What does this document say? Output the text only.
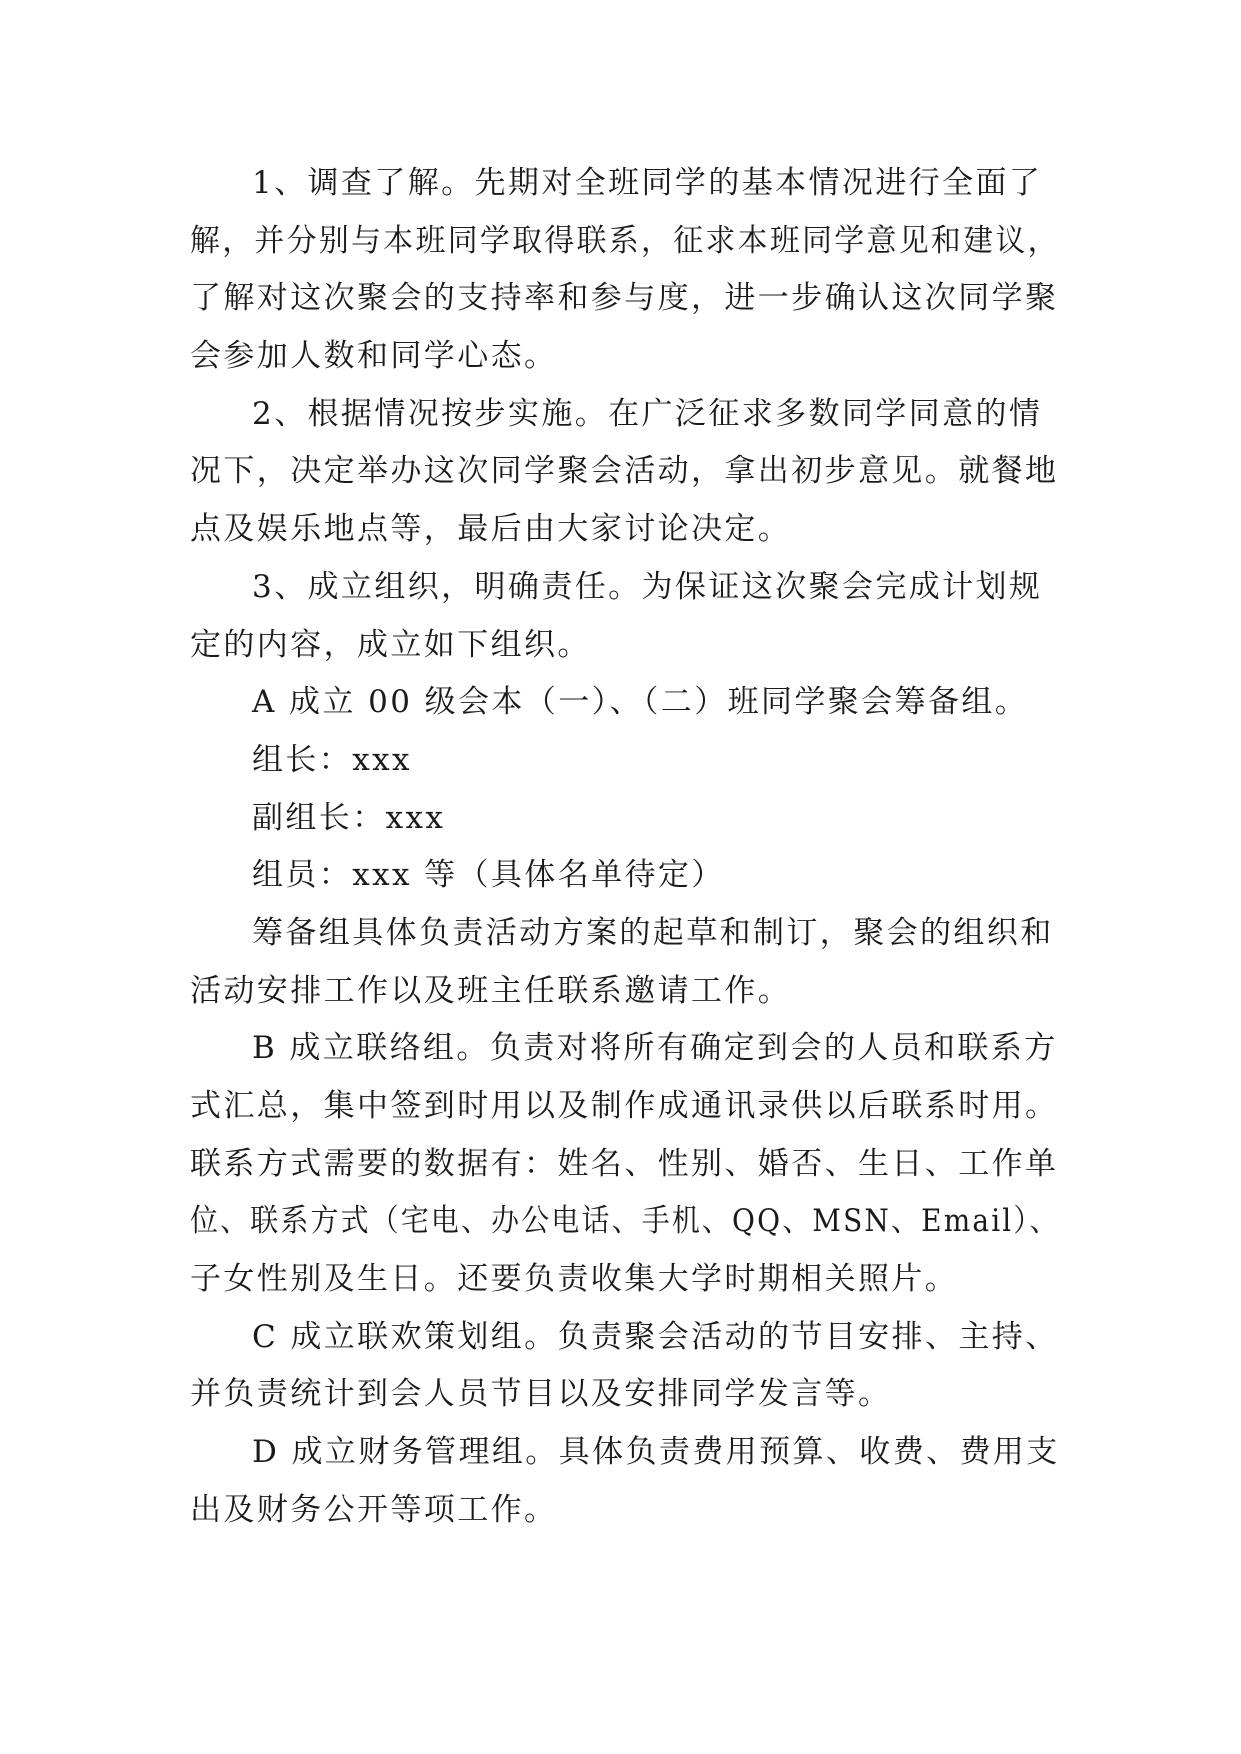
1、调查了解。先期对全班同学的基本情况进行全面了
解，并分别与本班同学取得联系，征求本班同学意见和建议，
了解对这次聚会的支持率和参与度，进一步确认这次同学聚
会参加人数和同学心态。
2、根据情况按步实施。在广泛征求多数同学同意的情
况下，决定举办这次同学聚会活动，拿出初步意见。就餐地
点及娱乐地点等，最后由大家讨论决定。
3、成立组织，明确责任。为保证这次聚会完成计划规
定的内容，成立如下组织。
A 成立 00 级会本（一）、（二）班同学聚会筹备组。
组长：xxx
副组长：xxx
组员：xxx 等（具体名单待定）
筹备组具体负责活动方案的起草和制订，聚会的组织和
活动安排工作以及班主任联系邀请工作。
B 成立联络组。负责对将所有确定到会的人员和联系方
式汇总，集中签到时用以及制作成通讯录供以后联系时用。
联系方式需要的数据有：姓名、性别、婚否、生日、工作单
位、联系方式（宅电、办公电话、手机、QQ、MSN、Email）、
子女性别及生日。还要负责收集大学时期相关照片。
C 成立联欢策划组。负责聚会活动的节目安排、主持、
并负责统计到会人员节目以及安排同学发言等。
D 成立财务管理组。具体负责费用预算、收费、费用支
出及财务公开等项工作。
